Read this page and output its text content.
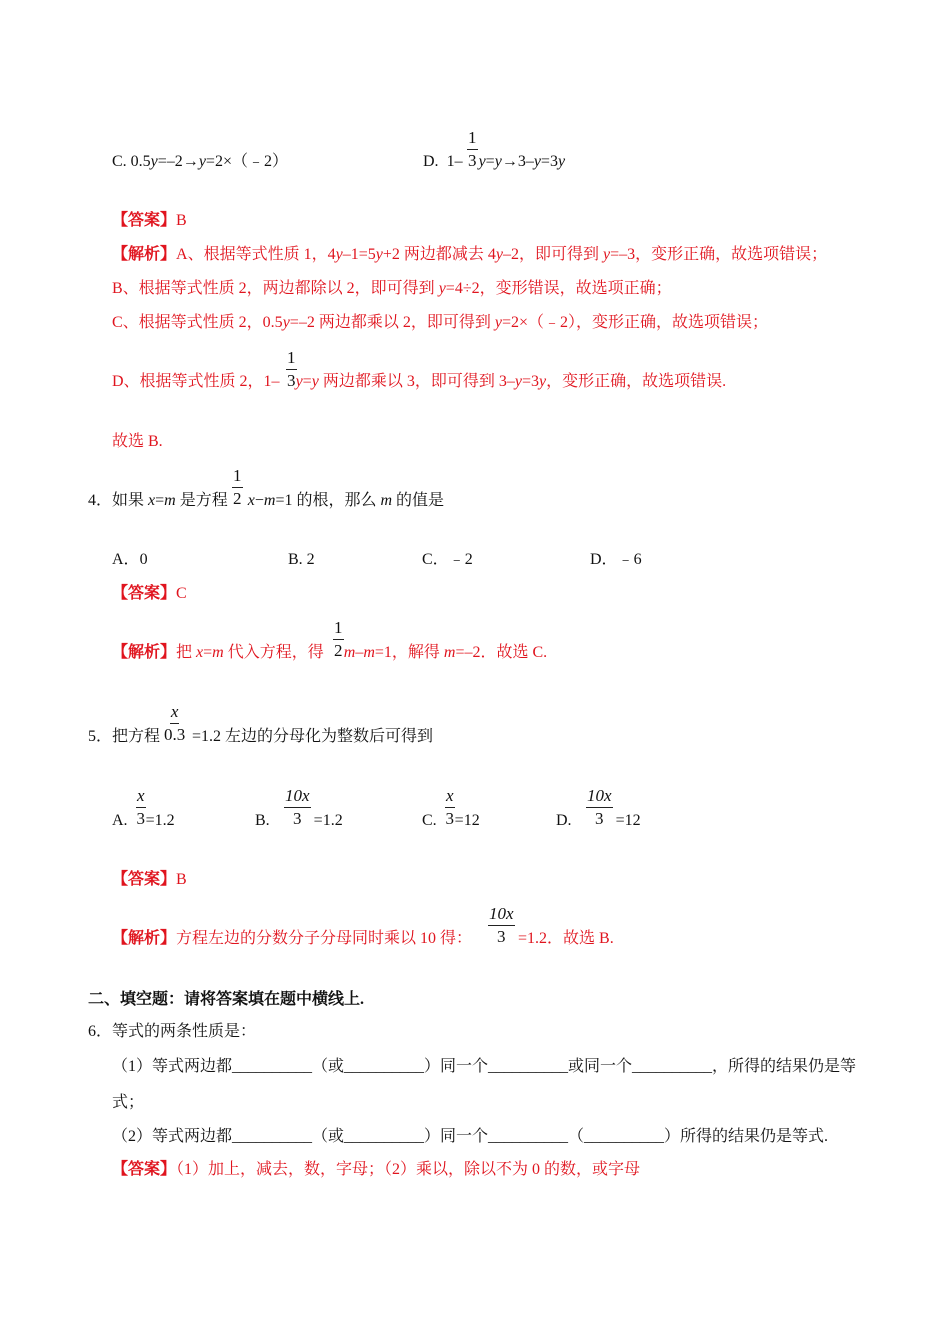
C. 0.5y=–2→y=2×（﹣2）	D. 1– y=y→3–y=3y
$\frac{1}{3}$
【答案】B
【解析】A、根据等式性质 1，4y–1=5y+2 两边都减去 4y–2，即可得到 y=–3，变形正确，故选项错误；
B、根据等式性质 2，两边都除以 2，即可得到 y=4÷2，变形错误，故选项正确；
C、根据等式性质 2，0.5y=–2 两边都乘以 2，即可得到 y=2×（﹣2），变形正确，故选项错误；
D、根据等式性质 2，1– y=y 两边都乘以 3，即可得到 3–y=3y，变形正确，故选项错误.
$\frac{1}{3}$
故选 B.
4．如果 x=m 是方程 x−m=1 的根，那么 m 的值是
$\frac{1}{2}$
A．0	B. 2	C．﹣2	D．﹣6
【答案】C
【解析】把 x=m 代入方程，得 m–m=1，解得 m=–2．故选 C.
$\frac{1}{2}$
5．把方程 =1.2 左边的分母化为整数后可得到
$\frac{x}{0.3}$
A. =1.2
$\frac{x}{3}$	B.	=1.2
$\frac{10x}{3}$	C. =12
$\frac{x}{3}$	D.	=12
$\frac{10x}{3}$
【答案】B
【解析】方程左边的分数分子分母同时乘以 10 得：	=1.2．故选 B.
$\frac{10x}{3}$
二、填空题：请将答案填在题中横线上.
6．等式的两条性质是：
（1）等式两边都__________（或__________）同一个__________或同一个__________，所得的结果仍是等
式；
（2）等式两边都__________（或__________）同一个__________（__________）所得的结果仍是等式.
【答案】（1）加上，减去，数，字母；（2）乘以，除以不为 0 的数，或字母
